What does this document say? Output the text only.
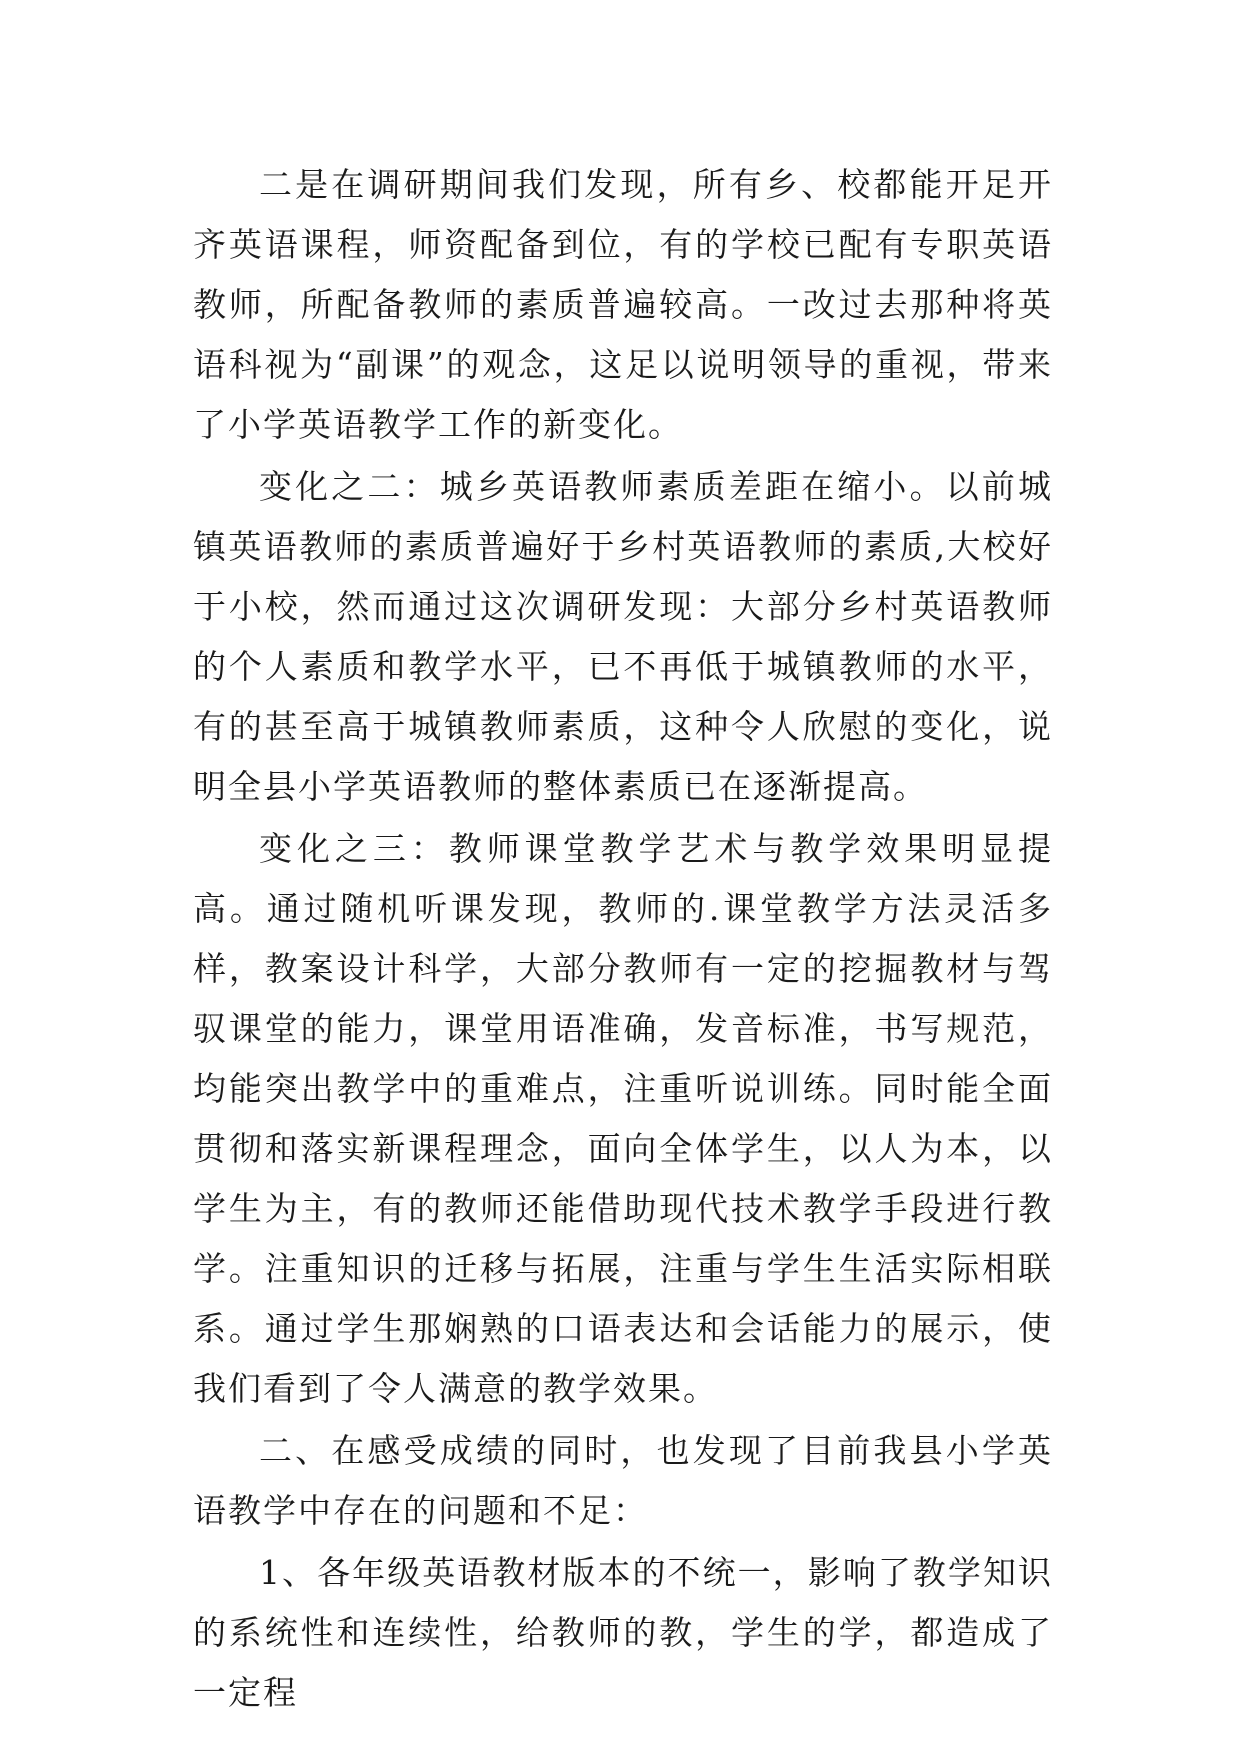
二是在调研期间我们发现，所有乡、校都能开足开齐英语课程，师资配备到位，有的学校已配有专职英语教师，所配备教师的素质普遍较高。一改过去那种将英语科视为“副课”的观念，这足以说明领导的重视，带来了小学英语教学工作的新变化。

变化之二：城乡英语教师素质差距在缩小。以前城镇英语教师的素质普遍好于乡村英语教师的素质,大校好于小校，然而通过这次调研发现：大部分乡村英语教师的个人素质和教学水平，已不再低于城镇教师的水平，有的甚至高于城镇教师素质，这种令人欣慰的变化，说明全县小学英语教师的整体素质已在逐渐提高。

变化之三：教师课堂教学艺术与教学效果明显提高。通过随机听课发现，教师的.课堂教学方法灵活多样，教案设计科学，大部分教师有一定的挖掘教材与驾驭课堂的能力，课堂用语准确，发音标准，书写规范，均能突出教学中的重难点，注重听说训练。同时能全面贯彻和落实新课程理念，面向全体学生，以人为本，以学生为主，有的教师还能借助现代技术教学手段进行教学。注重知识的迁移与拓展，注重与学生生活实际相联系。通过学生那娴熟的口语表达和会话能力的展示，使我们看到了令人满意的教学效果。

二、在感受成绩的同时，也发现了目前我县小学英语教学中存在的问题和不足：

1、各年级英语教材版本的不统一，影响了教学知识的系统性和连续性，给教师的教，学生的学，都造成了一定程
